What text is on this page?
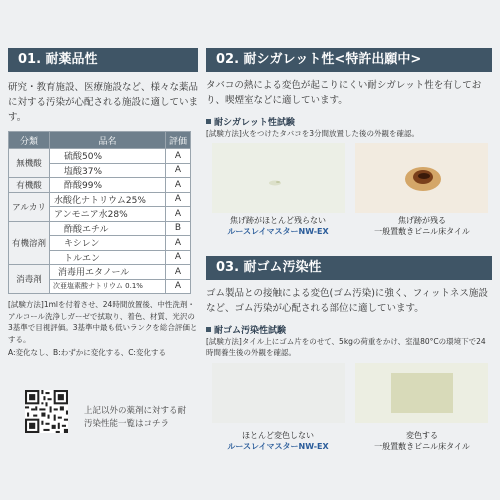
01. 耐薬品性
研究・教育施設、医療施設など、様々な薬品に対する汚染が心配される施設に適しています。
分類	品名	評価
無機酸	硫酸50%	A
	塩酸37%	A
有機酸	酢酸99%	A
アルカリ	水酸化ナトリウム25%	A
	アンモニア水28%	A
有機溶剤	酢酸エチル	B
	キシレン	A
	トルエン	A
消毒剤	消毒用エタノール	A
	次亜塩素酸ナトリウム 0.1%	A
[試験方法]1mlを付着させ、24時間放置後、中性洗剤・アルコール洗浄しガーゼで拭取り、着色、材質、光沢の3基準で目視評価。3基準中最も低いランクを総合評価とする。
A:変化なし、B:わずかに変化する、C:変化する
上記以外の薬剤に対する耐汚染性能一覧はコチラ
02. 耐シガレット性<特許出願中>
タバコの熱による変色が起こりにくい耐シガレット性を有しており、喫煙室などに適しています。
耐シガレット性試験
[試験方法]火をつけたタバコを3分間放置した後の外観を確認。
焦げ跡がほとんど残らない
ルースレイマスターNW-EX
焦げ跡が残る
一般置敷きビニル床タイル
03. 耐ゴム汚染性
ゴム製品との接触による変色(ゴム汚染)に強く、フィットネス施設など、ゴム汚染が心配される部位に適しています。
耐ゴム汚染性試験
[試験方法]タイル上にゴム片をのせて、5kgの荷重をかけ、室温80°Cの環境下で24時間養生後の外観を確認。
ほとんど変色しない
ルースレイマスターNW-EX
変色する
一般置敷きビニル床タイル
